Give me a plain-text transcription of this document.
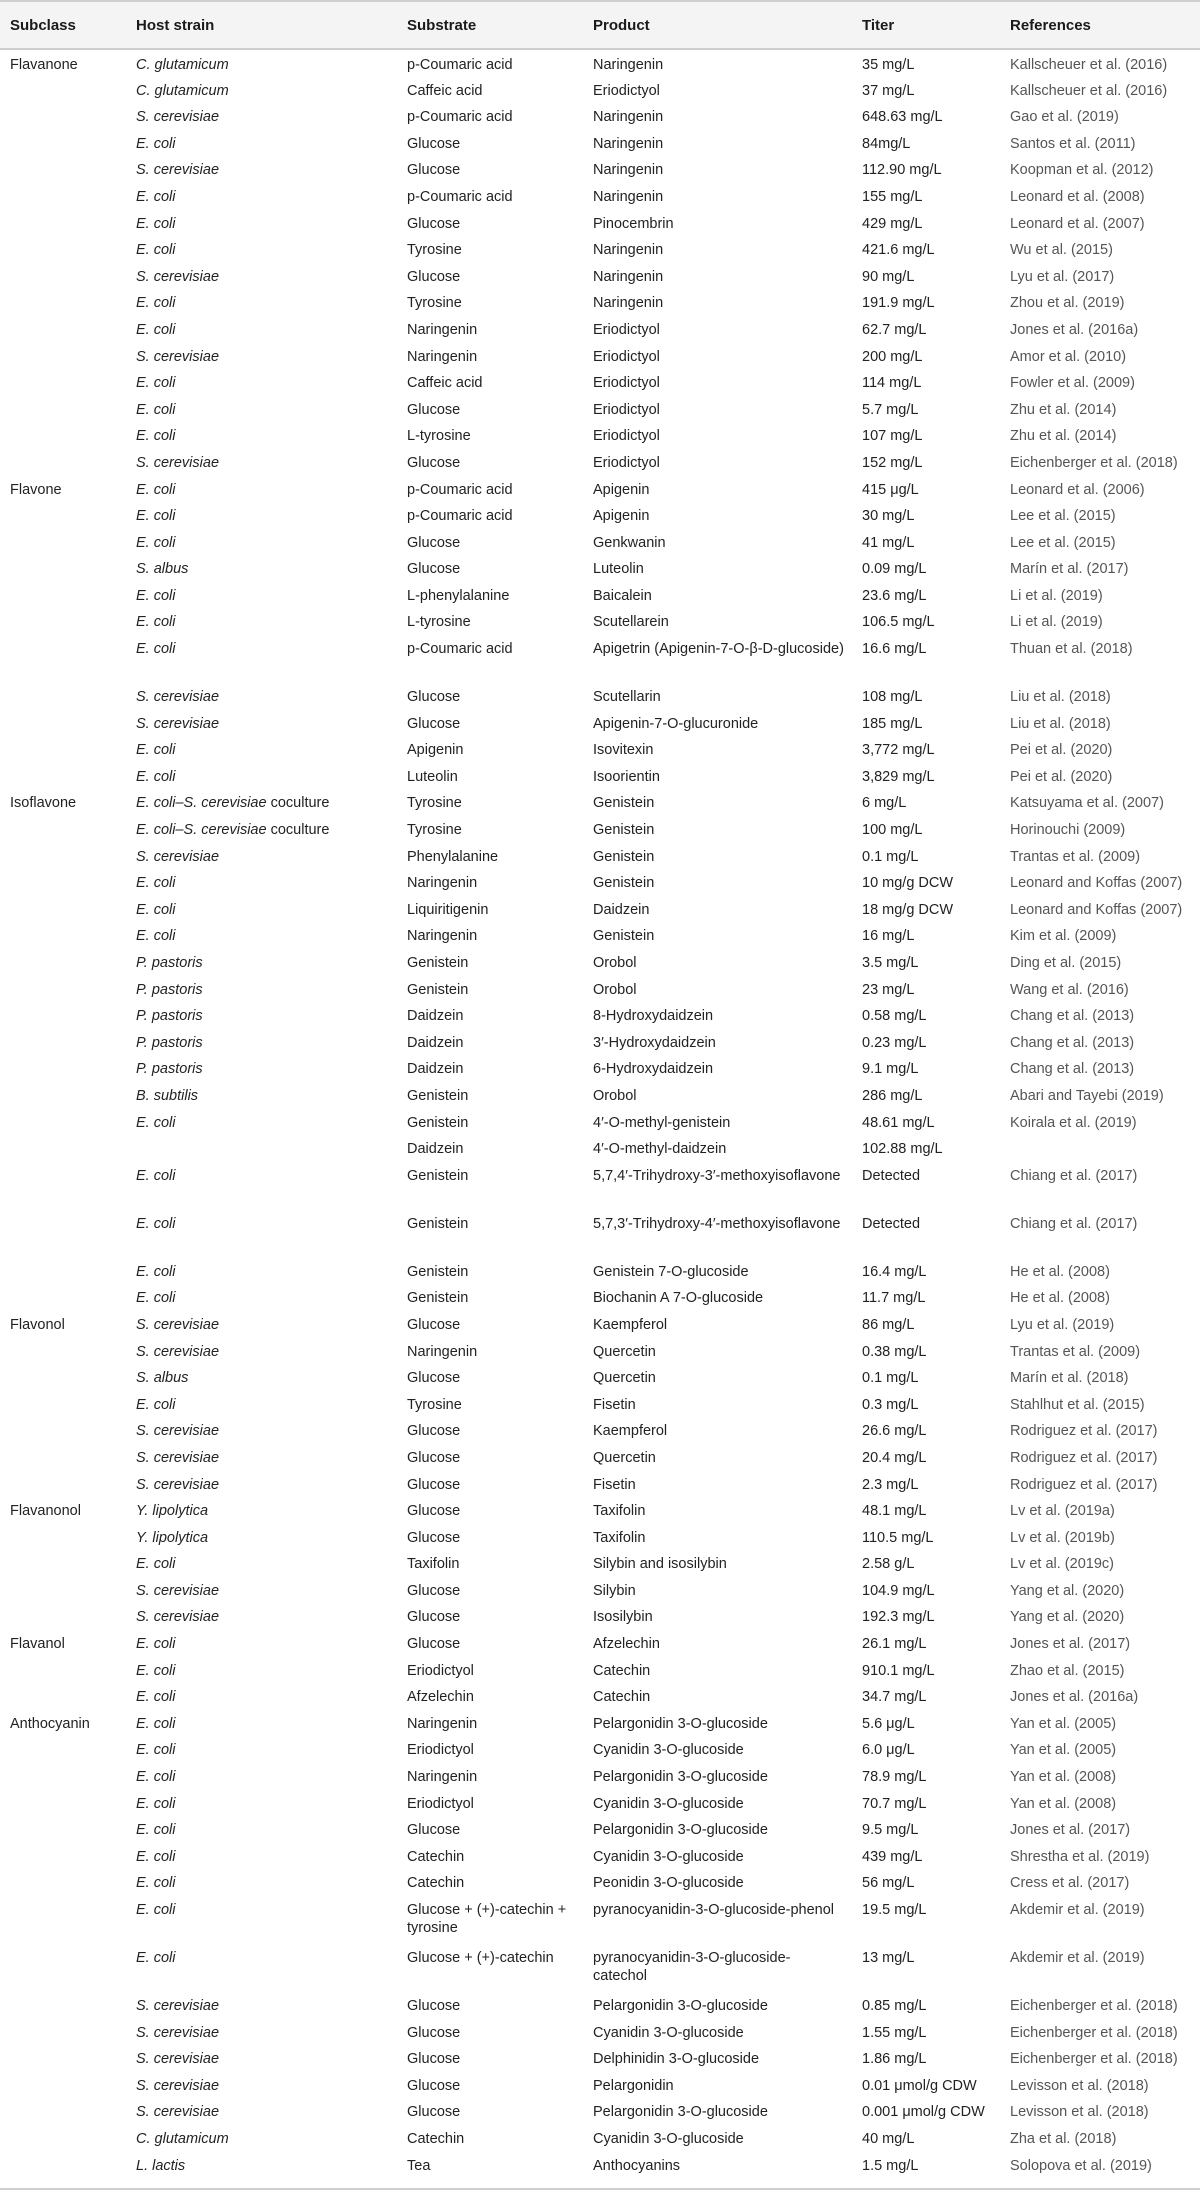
Subclass	Host strain	Substrate	Product	Titer	References
Flavanone	C. glutamicum	p-Coumaric acid	Naringenin	35 mg/L	Kallscheuer et al. (2016)
	C. glutamicum	Caffeic acid	Eriodictyol	37 mg/L	Kallscheuer et al. (2016)
	S. cerevisiae	p-Coumaric acid	Naringenin	648.63 mg/L	Gao et al. (2019)
	E. coli	Glucose	Naringenin	84mg/L	Santos et al. (2011)
	S. cerevisiae	Glucose	Naringenin	112.90 mg/L	Koopman et al. (2012)
	E. coli	p-Coumaric acid	Naringenin	155 mg/L	Leonard et al. (2008)
	E. coli	Glucose	Pinocembrin	429 mg/L	Leonard et al. (2007)
	E. coli	Tyrosine	Naringenin	421.6 mg/L	Wu et al. (2015)
	S. cerevisiae	Glucose	Naringenin	90 mg/L	Lyu et al. (2017)
	E. coli	Tyrosine	Naringenin	191.9 mg/L	Zhou et al. (2019)
	E. coli	Naringenin	Eriodictyol	62.7 mg/L	Jones et al. (2016a)
	S. cerevisiae	Naringenin	Eriodictyol	200 mg/L	Amor et al. (2010)
	E. coli	Caffeic acid	Eriodictyol	114 mg/L	Fowler et al. (2009)
	E. coli	Glucose	Eriodictyol	5.7 mg/L	Zhu et al. (2014)
	E. coli	L-tyrosine	Eriodictyol	107 mg/L	Zhu et al. (2014)
	S. cerevisiae	Glucose	Eriodictyol	152 mg/L	Eichenberger et al. (2018)
Flavone	E. coli	p-Coumaric acid	Apigenin	415 μg/L	Leonard et al. (2006)
	E. coli	p-Coumaric acid	Apigenin	30 mg/L	Lee et al. (2015)
	E. coli	Glucose	Genkwanin	41 mg/L	Lee et al. (2015)
	S. albus	Glucose	Luteolin	0.09 mg/L	Marín et al. (2017)
	E. coli	L-phenylalanine	Baicalein	23.6 mg/L	Li et al. (2019)
	E. coli	L-tyrosine	Scutellarein	106.5 mg/L	Li et al. (2019)
	E. coli	p-Coumaric acid	Apigetrin (Apigenin-7-O-β-D-glucoside)	16.6 mg/L	Thuan et al. (2018)
	S. cerevisiae	Glucose	Scutellarin	108 mg/L	Liu et al. (2018)
	S. cerevisiae	Glucose	Apigenin-7-O-glucuronide	185 mg/L	Liu et al. (2018)
	E. coli	Apigenin	Isovitexin	3,772 mg/L	Pei et al. (2020)
	E. coli	Luteolin	Isoorientin	3,829 mg/L	Pei et al. (2020)
Isoflavone	E. coli–S. cerevisiae coculture	Tyrosine	Genistein	6 mg/L	Katsuyama et al. (2007)
	E. coli–S. cerevisiae coculture	Tyrosine	Genistein	100 mg/L	Horinouchi (2009)
	S. cerevisiae	Phenylalanine	Genistein	0.1 mg/L	Trantas et al. (2009)
	E. coli	Naringenin	Genistein	10 mg/g DCW	Leonard and Koffas (2007)
	E. coli	Liquiritigenin	Daidzein	18 mg/g DCW	Leonard and Koffas (2007)
	E. coli	Naringenin	Genistein	16 mg/L	Kim et al. (2009)
	P. pastoris	Genistein	Orobol	3.5 mg/L	Ding et al. (2015)
	P. pastoris	Genistein	Orobol	23 mg/L	Wang et al. (2016)
	P. pastoris	Daidzein	8-Hydroxydaidzein	0.58 mg/L	Chang et al. (2013)
	P. pastoris	Daidzein	3′-Hydroxydaidzein	0.23 mg/L	Chang et al. (2013)
	P. pastoris	Daidzein	6-Hydroxydaidzein	9.1 mg/L	Chang et al. (2013)
	B. subtilis	Genistein	Orobol	286 mg/L	Abari and Tayebi (2019)
	E. coli	Genistein	4′-O-methyl-genistein	48.61 mg/L	Koirala et al. (2019)
		Daidzein	4′-O-methyl-daidzein	102.88 mg/L	
	E. coli	Genistein	5,7,4′-Trihydroxy-3′-methoxyisoflavone	Detected	Chiang et al. (2017)
	E. coli	Genistein	5,7,3′-Trihydroxy-4′-methoxyisoflavone	Detected	Chiang et al. (2017)
	E. coli	Genistein	Genistein 7-O-glucoside	16.4 mg/L	He et al. (2008)
	E. coli	Genistein	Biochanin A 7-O-glucoside	11.7 mg/L	He et al. (2008)
Flavonol	S. cerevisiae	Glucose	Kaempferol	86 mg/L	Lyu et al. (2019)
	S. cerevisiae	Naringenin	Quercetin	0.38 mg/L	Trantas et al. (2009)
	S. albus	Glucose	Quercetin	0.1 mg/L	Marín et al. (2018)
	E. coli	Tyrosine	Fisetin	0.3 mg/L	Stahlhut et al. (2015)
	S. cerevisiae	Glucose	Kaempferol	26.6 mg/L	Rodriguez et al. (2017)
	S. cerevisiae	Glucose	Quercetin	20.4 mg/L	Rodriguez et al. (2017)
	S. cerevisiae	Glucose	Fisetin	2.3 mg/L	Rodriguez et al. (2017)
Flavanonol	Y. lipolytica	Glucose	Taxifolin	48.1 mg/L	Lv et al. (2019a)
	Y. lipolytica	Glucose	Taxifolin	110.5 mg/L	Lv et al. (2019b)
	E. coli	Taxifolin	Silybin and isosilybin	2.58 g/L	Lv et al. (2019c)
	S. cerevisiae	Glucose	Silybin	104.9 mg/L	Yang et al. (2020)
	S. cerevisiae	Glucose	Isosilybin	192.3 mg/L	Yang et al. (2020)
Flavanol	E. coli	Glucose	Afzelechin	26.1 mg/L	Jones et al. (2017)
	E. coli	Eriodictyol	Catechin	910.1 mg/L	Zhao et al. (2015)
	E. coli	Afzelechin	Catechin	34.7 mg/L	Jones et al. (2016a)
Anthocyanin	E. coli	Naringenin	Pelargonidin 3-O-glucoside	5.6 μg/L	Yan et al. (2005)
	E. coli	Eriodictyol	Cyanidin 3-O-glucoside	6.0 μg/L	Yan et al. (2005)
	E. coli	Naringenin	Pelargonidin 3-O-glucoside	78.9 mg/L	Yan et al. (2008)
	E. coli	Eriodictyol	Cyanidin 3-O-glucoside	70.7 mg/L	Yan et al. (2008)
	E. coli	Glucose	Pelargonidin 3-O-glucoside	9.5 mg/L	Jones et al. (2017)
	E. coli	Catechin	Cyanidin 3-O-glucoside	439 mg/L	Shrestha et al. (2019)
	E. coli	Catechin	Peonidin 3-O-glucoside	56 mg/L	Cress et al. (2017)
	E. coli	Glucose + (+)-catechin + tyrosine	pyranocyanidin-3-O-glucoside-phenol	19.5 mg/L	Akdemir et al. (2019)
	E. coli	Glucose + (+)-catechin	pyranocyanidin-3-O-glucoside-catechol	13 mg/L	Akdemir et al. (2019)
	S. cerevisiae	Glucose	Pelargonidin 3-O-glucoside	0.85 mg/L	Eichenberger et al. (2018)
	S. cerevisiae	Glucose	Cyanidin 3-O-glucoside	1.55 mg/L	Eichenberger et al. (2018)
	S. cerevisiae	Glucose	Delphinidin 3-O-glucoside	1.86 mg/L	Eichenberger et al. (2018)
	S. cerevisiae	Glucose	Pelargonidin	0.01 μmol/g CDW	Levisson et al. (2018)
	S. cerevisiae	Glucose	Pelargonidin 3-O-glucoside	0.001 μmol/g CDW	Levisson et al. (2018)
	C. glutamicum	Catechin	Cyanidin 3-O-glucoside	40 mg/L	Zha et al. (2018)
	L. lactis	Tea	Anthocyanins	1.5 mg/L	Solopova et al. (2019)
